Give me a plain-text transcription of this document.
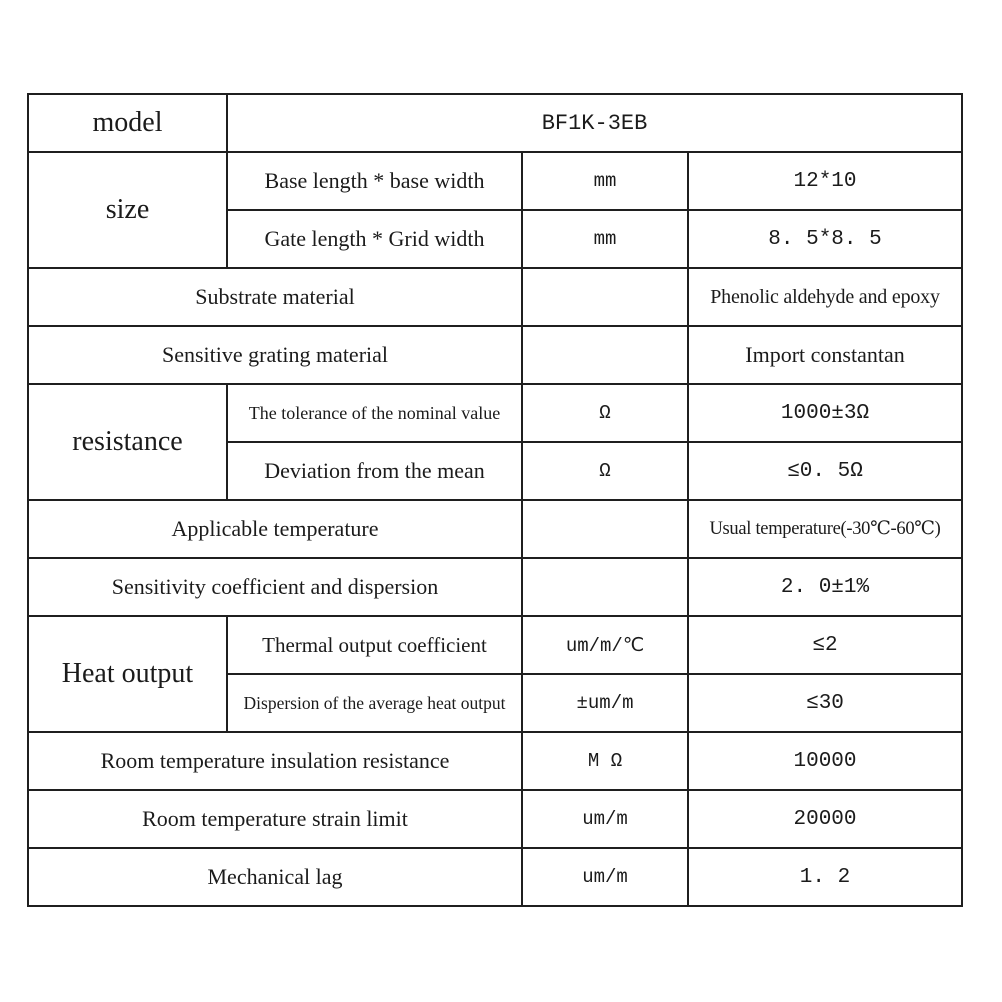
model	BF1K-3EB		
size	Base length * base width	mm	12*10
	Gate length * Grid width	mm	8. 5*8. 5
Substrate material			Phenolic aldehyde and epoxy
Sensitive grating material			Import constantan
resistance	The tolerance of the nominal value	Ω	1000±3Ω
	Deviation from the mean	Ω	≤0. 5Ω
Applicable temperature			Usual temperature(-30℃-60℃)
Sensitivity coefficient and dispersion			2. 0±1%
Heat output	Thermal output coefficient	um/m/℃	≤2
	Dispersion of the average heat output	±um/m	≤30
Room temperature insulation resistance		M Ω	10000
Room temperature strain limit		um/m	20000
Mechanical lag		um/m	1. 2
